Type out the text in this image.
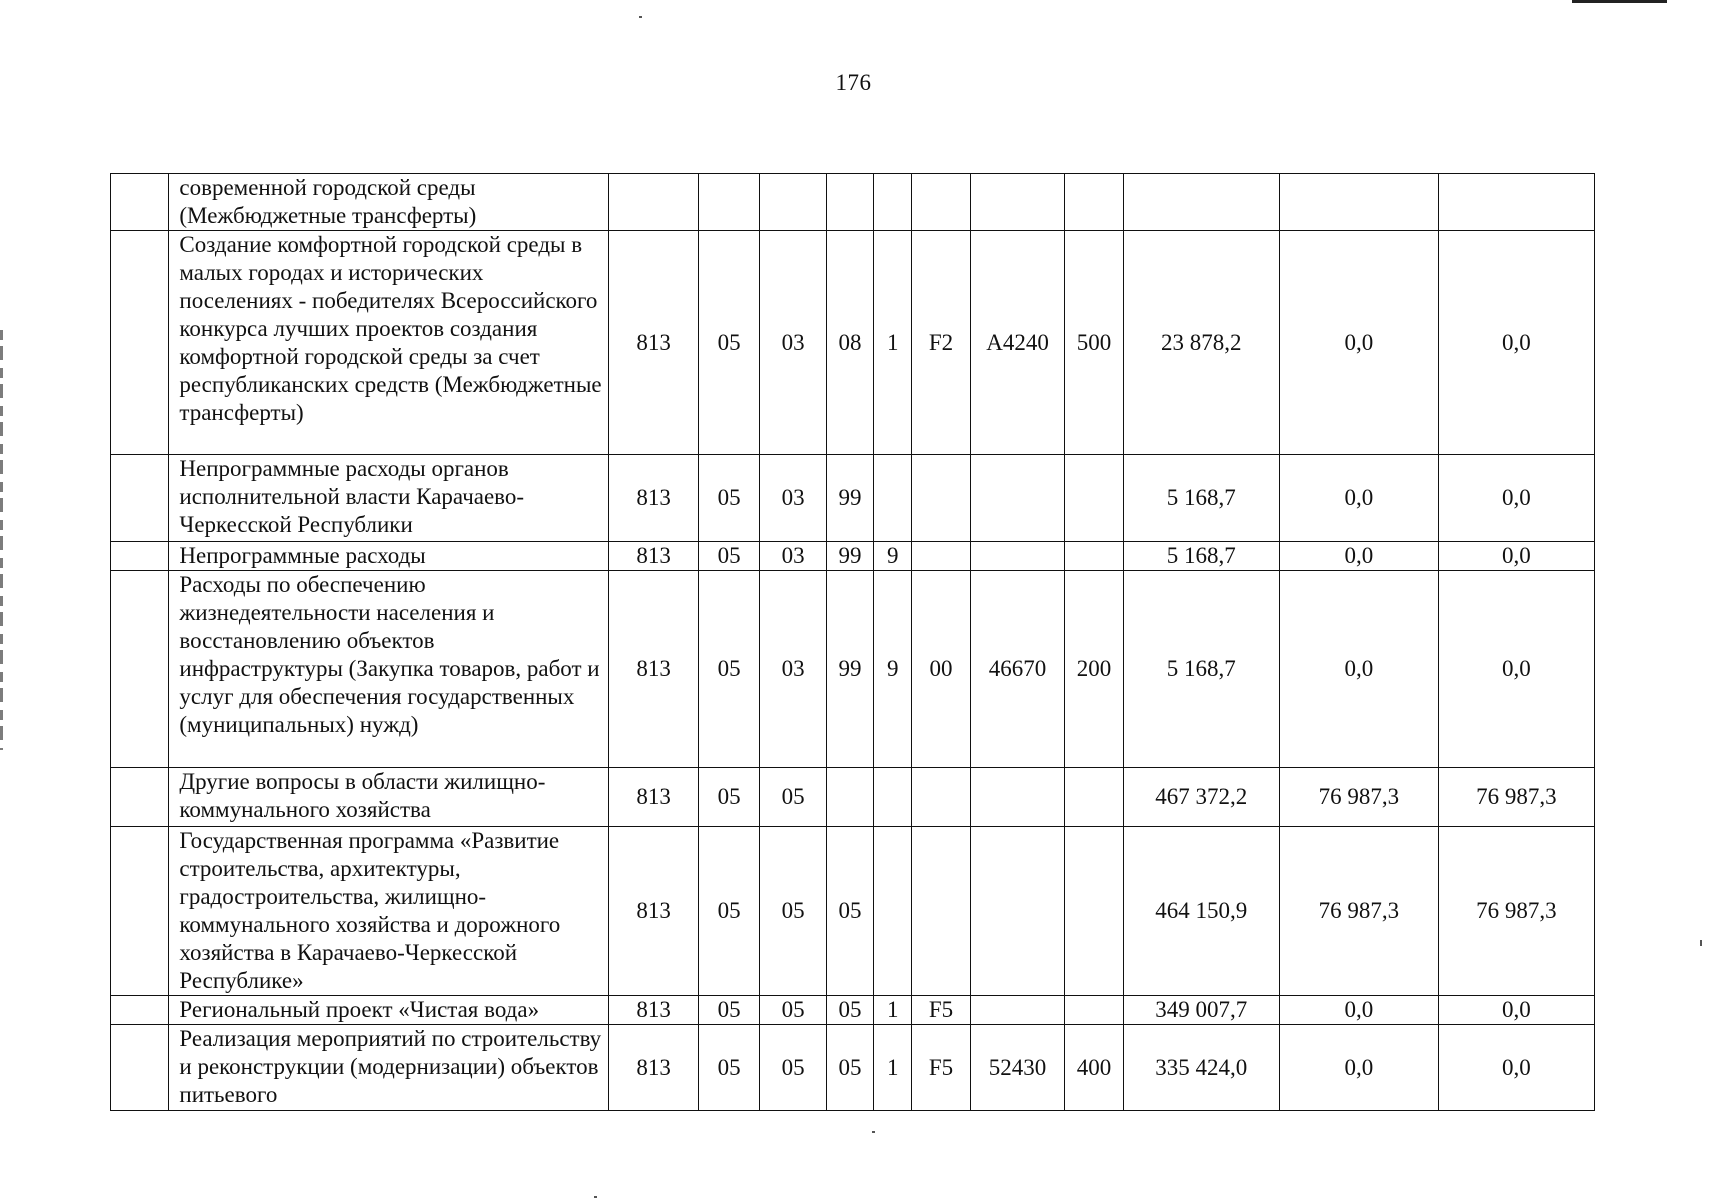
176
	современной городской среды (Межбюджетные трансферты)											
	Создание комфортной городской среды в малых городах и исторических поселениях - победителях Всероссийского конкурса лучших проектов создания комфортной городской среды за счет республиканских средств (Межбюджетные трансферты)	813	05	03	08	1	F2	A4240	500	23 878,2	0,0	0,0
	Непрограммные расходы органов исполнительной власти Карачаево-Черкесской Республики	813	05	03	99					5 168,7	0,0	0,0
	Непрограммные расходы	813	05	03	99	9				5 168,7	0,0	0,0
	Расходы по обеспечению жизнедеятельности населения и восстановлению объектов инфраструктуры (Закупка товаров, работ и услуг для обеспечения государственных (муниципальных) нужд)	813	05	03	99	9	00	46670	200	5 168,7	0,0	0,0
	Другие вопросы в области жилищно-коммунального хозяйства	813	05	05						467 372,2	76 987,3	76 987,3
	Государственная программа «Развитие строительства, архитектуры, градостроительства, жилищно-коммунального хозяйства и дорожного хозяйства в Карачаево-Черкесской Республике»	813	05	05	05					464 150,9	76 987,3	76 987,3
	Региональный проект «Чистая вода»	813	05	05	05	1	F5			349 007,7	0,0	0,0
	Реализация мероприятий по строительству и реконструкции (модернизации) объектов питьевого	813	05	05	05	1	F5	52430	400	335 424,0	0,0	0,0
